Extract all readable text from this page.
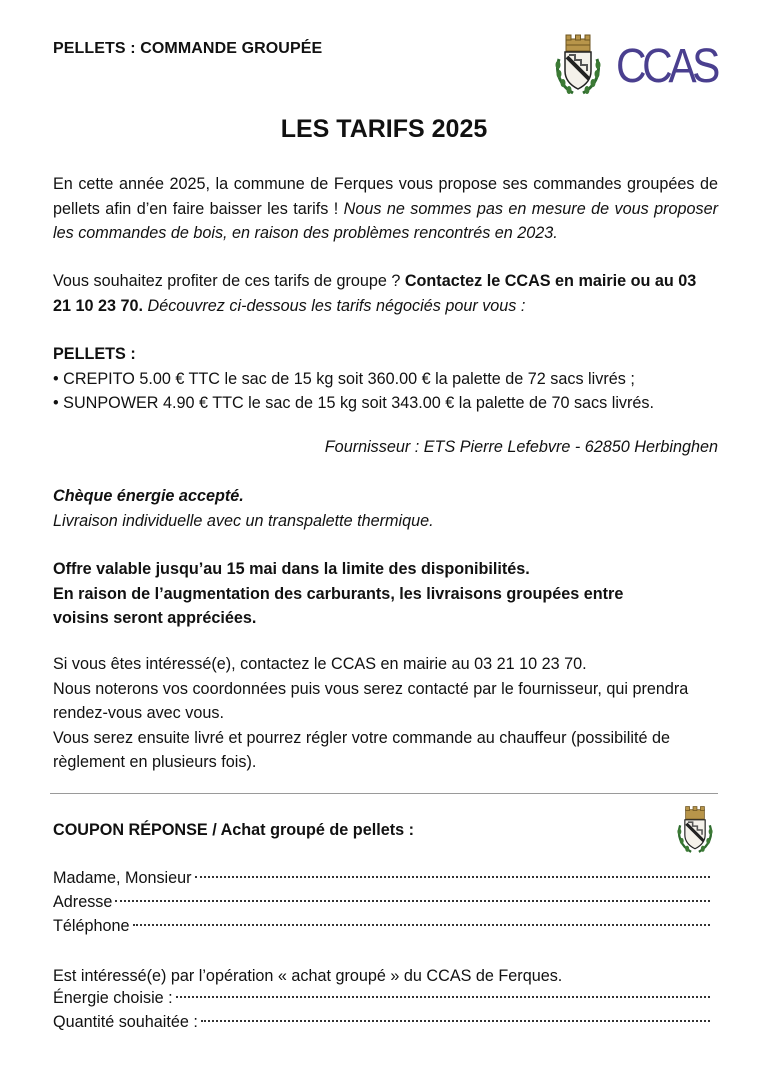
PELLETS : COMMANDE GROUPÉE	CCAS
LES TARIFS 2025

En cette année 2025, la commune de Ferques vous propose ses commandes groupées de pellets afin d’en faire baisser les tarifs ! Nous ne sommes pas en mesure de vous proposer les commandes de bois, en raison des problèmes rencontrés en 2023.

Vous souhaitez profiter de ces tarifs de groupe ? Contactez le CCAS en mairie ou au 03 21 10 23 70. Découvrez ci-dessous les tarifs négociés pour vous :

PELLETS :

• CREPITO 5.00 € TTC le sac de 15 kg soit 360.00 € la palette de 72 sacs livrés ;

• SUNPOWER 4.90 € TTC le sac de 15 kg soit 343.00 € la palette de 70 sacs livrés.

Fournisseur : ETS Pierre Lefebvre - 62850 Herbinghen

Chèque énergie accepté.

Livraison individuelle avec un transpalette thermique.

Offre valable jusqu’au 15 mai dans la limite des disponibilités.

En raison de l’augmentation des carburants, les livraisons groupées entre voisins seront appréciées.

Si vous êtes intéressé(e), contactez le CCAS en mairie au 03 21 10 23 70.

Nous noterons vos coordonnées puis vous serez contacté par le fournisseur, qui prendra rendez-vous avec vous.

Vous serez ensuite livré et pourrez régler votre commande au chauffeur (possibilité de règlement en plusieurs fois).

COUPON RÉPONSE / Achat groupé de pellets :
Madame, Monsieur
Adresse
Téléphone
Est intéressé(e) par l’opération « achat groupé » du CCAS de Ferques.
Énergie choisie :
Quantité souhaitée :
